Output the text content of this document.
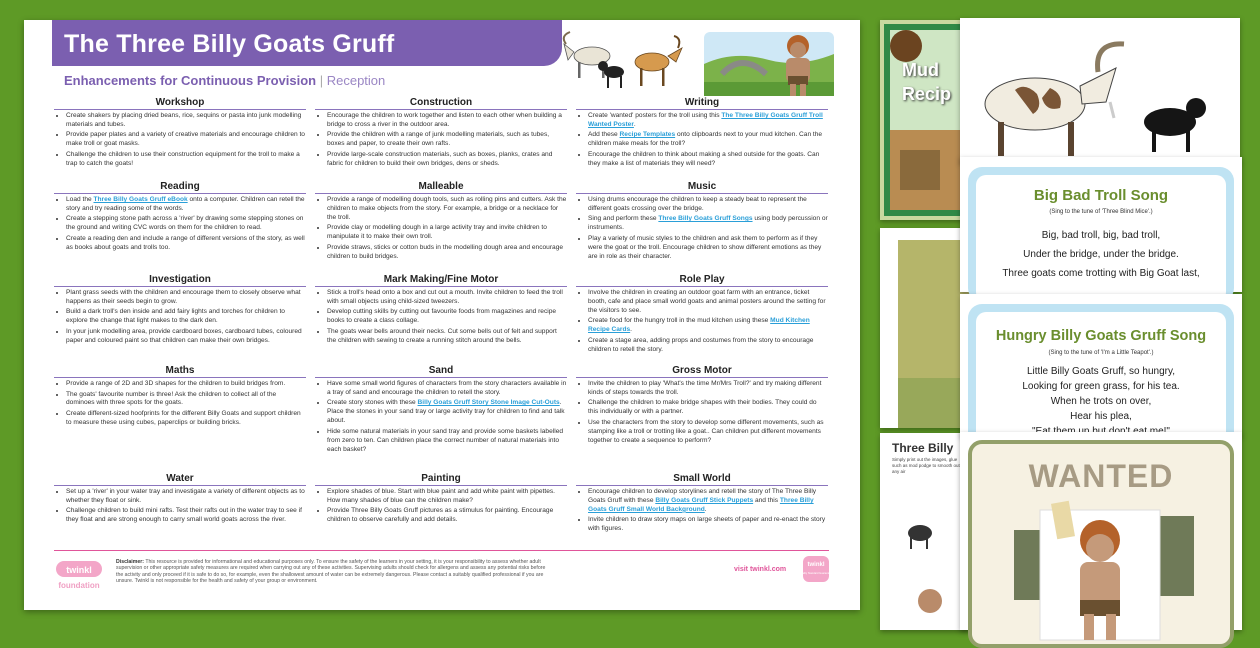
The Three Billy Goats Gruff
Enhancements for Continuous Provision | Reception
Workshop
• Create shakers by placing dried beans, rice, sequins or pasta into junk modelling materials and tubes.
• Provide paper plates and a variety of creative materials and encourage children to make troll or goat masks.
• Challenge the children to use their construction equipment for the troll to make a trap to catch the goats!
Reading
• Load the Three Billy Goats Gruff eBook onto a computer. Children can retell the story and try reading some of the words.
• Create a stepping stone path across a 'river' by drawing some stepping stones on the ground and writing CVC words on them for the children to read.
• Create a reading den and include a range of different versions of the story, as well as books about goats and trolls too.
Investigation
• Plant grass seeds with the children and encourage them to closely observe what happens as their seeds begin to grow.
• Build a dark troll's den inside and add fairy lights and torches for children to explore the change that light makes to the dark den.
• In your junk modelling area, provide cardboard boxes, cardboard tubes, coloured paper and coloured paint so that children can make their own bridges.
Maths
• Provide a range of 2D and 3D shapes for the children to build bridges from.
• The goats' favourite number is three! Ask the children to collect all of the dominoes with three spots for the goats.
• Create different-sized hoofprints for the different Billy Goats and support children to measure these using cubes, paperclips or building bricks.
Water
• Set up a 'river' in your water tray and investigate a variety of different objects as to whether they float or sink.
• Challenge children to build mini rafts. Test their rafts out in the water tray to see if they float and are strong enough to carry small world goats across the river.
Construction
• Encourage the children to work together and listen to each other when building a bridge to cross a river in the outdoor area.
• Provide the children with a range of junk modelling materials, such as tubes, boxes and paper, to create their own rafts.
• Provide large-scale construction materials, such as boxes, planks, crates and fabric for children to build their own bridges, dens or sheds.
Malleable
• Provide a range of modelling dough tools, such as rolling pins and cutters. Ask the children to make objects from the story. For example, a bridge or a necklace for the troll.
• Provide clay or modelling dough in a large activity tray and invite children to manipulate it to make their own troll.
• Provide straws, sticks or cotton buds in the modelling dough area and encourage children to build bridges.
Mark Making/Fine Motor
• Stick a troll's head onto a box and cut out a mouth. Invite children to feed the troll with small objects using child-sized tweezers.
• Develop cutting skills by cutting out favourite foods from magazines and recipe books to create a class collage.
• The goats wear bells around their necks. Cut some bells out of felt and support the children with sewing to create a running stitch around the bells.
Sand
• Have some small world figures of characters from the story characters available in a tray of sand and encourage the children to retell the story.
• Create story stones with these Billy Goats Gruff Story Stone Image Cut-Outs. Place the stones in your sand tray or large activity tray for children to find and talk about.
• Hide some natural materials in your sand tray and provide some baskets labelled from zero to ten. Can children place the correct number of natural materials into each basket?
Painting
• Explore shades of blue. Start with blue paint and add white paint with pipettes. How many shades of blue can the children make?
• Provide Three Billy Goats Gruff pictures as a stimulus for painting. Encourage children to observe carefully and add details.
Writing
• Create 'wanted' posters for the troll using this The Three Billy Goats Gruff Troll Wanted Poster.
• Add these Recipe Templates onto clipboards next to your mud kitchen. Can the children make meals for the troll?
• Encourage the children to think about making a shed outside for the goats. Can they make a list of materials they will need?
Music
• Using drums encourage the children to keep a steady beat to represent the different goats crossing over the bridge.
• Sing and perform these Three Billy Goats Gruff Songs using body percussion or instruments.
• Play a variety of music styles to the children and ask them to perform as if they were the goat or the troll. Encourage children to show different emotions as they are in role as their character.
Role Play
• Involve the children in creating an outdoor goat farm with an entrance, ticket booth, cafe and place small world goats and animal posters around the setting for the visitors to see.
• Create food for the hungry troll in the mud kitchen using these Mud Kitchen Recipe Cards.
• Create a stage area, adding props and costumes from the story to encourage children to retell the story.
Gross Motor
• Invite the children to play 'What's the time Mr/Mrs Troll?' and try making different kinds of steps towards the troll.
• Challenge the children to make bridge shapes with their bodies. They could do this individually or with a partner.
• Use the characters from the story to develop some different movements, such as stamping like a troll or trotting like a goat.. Can children put different movements together to create a sequence to perform?
Small World
• Encourage children to develop storylines and retell the story of The Three Billy Goats Gruff with these Billy Goats Gruff Stick Puppets and this Three Billy Goats Gruff Small World Background.
• Invite children to draw story maps on large sheets of paper and re-enact the story with figures.
twinkl
foundation
Disclaimer: This resource is provided for informational and educational purposes only. To ensure the safety of the learners in your setting, it is your responsibility to assess whether adult supervision or other appropriate safety measures are required when carrying out any of these activities. Supervising adults should check for allergens and assess any potential risks before the activity and only proceed if it is safe to do so, for example, even the shallowest amount of water can be extremely dangerous. Please contact a suitably qualified professional if you are unsure. Twinkl is not responsible for the health and safety of your group or environment.
visit twinkl.com
twinkl
Quality Standard Guaranteed
Mud
Recip
Three Billy
Simply print out the images, glue such as mod podge to smooth out any air
Big Bad Troll Song
(Sing to the tune of 'Three Blind Mice'.)
Big, bad troll, big, bad troll,
Under the bridge, under the bridge.
Three goats come trotting with Big Goat last,
Hungry Billy Goats Gruff Song
(Sing to the tune of 'I'm a Little Teapot'.)
Little Billy Goats Gruff, so hungry,
Looking for green grass, for his tea.
When he trots on over,
Hear his plea,
WANTED
